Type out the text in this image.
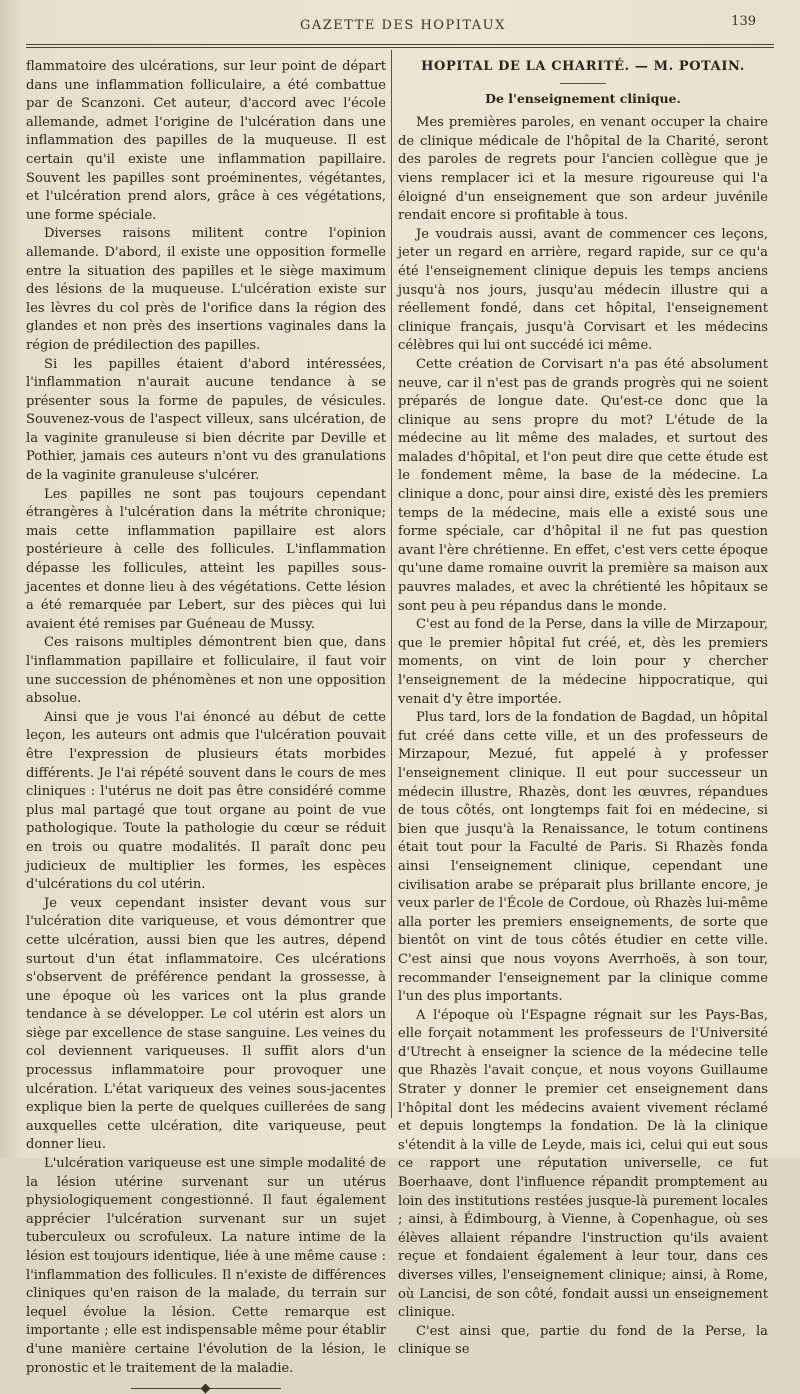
GAZETTE DES HOPITAUX	139

flammatoire des ulcérations, sur leur point de départ dans une inflammation folliculaire, a été combattue par de Scanzoni. Cet auteur, d'accord avec l'école allemande, admet l'origine de l'ulcération dans une inflammation des papilles de la muqueuse. Il est certain qu'il existe une inflammation papillaire. Souvent les papilles sont proéminentes, végétantes, et l'ulcération prend alors, grâce à ces végétations, une forme spéciale.

Diverses raisons militent contre l'opinion allemande. D'abord, il existe une opposition formelle entre la situation des papilles et le siège maximum des lésions de la muqueuse. L'ulcération existe sur les lèvres du col près de l'orifice dans la région des glandes et non près des insertions vaginales dans la région de prédilection des papilles.

Si les papilles étaient d'abord intéressées, l'inflammation n'aurait aucune tendance à se présenter sous la forme de papules, de vésicules. Souvenez-vous de l'aspect villeux, sans ulcération, de la vaginite granuleuse si bien décrite par Deville et Pothier, jamais ces auteurs n'ont vu des granulations de la vaginite granuleuse s'ulcérer.

Les papilles ne sont pas toujours cependant étrangères à l'ulcération dans la métrite chronique; mais cette inflammation papillaire est alors postérieure à celle des follicules. L'inflammation dépasse les follicules, atteint les papilles sous-jacentes et donne lieu à des végétations. Cette lésion a été remarquée par Lebert, sur des pièces qui lui avaient été remises par Guéneau de Mussy.

Ces raisons multiples démontrent bien que, dans l'inflammation papillaire et folliculaire, il faut voir une succession de phénomènes et non une opposition absolue.

Ainsi que je vous l'ai énoncé au début de cette leçon, les auteurs ont admis que l'ulcération pouvait être l'expression de plusieurs états morbides différents. Je l'ai répété souvent dans le cours de mes cliniques : l'utérus ne doit pas être considéré comme plus mal partagé que tout organe au point de vue pathologique. Toute la pathologie du cœur se réduit en trois ou quatre modalités. Il paraît donc peu judicieux de multiplier les formes, les espèces d'ulcérations du col utérin.

Je veux cependant insister devant vous sur l'ulcération dite variqueuse, et vous démontrer que cette ulcération, aussi bien que les autres, dépend surtout d'un état inflammatoire. Ces ulcérations s'observent de préférence pendant la grossesse, à une époque où les varices ont la plus grande tendance à se développer. Le col utérin est alors un siège par excellence de stase sanguine. Les veines du col deviennent variqueuses. Il suffit alors d'un processus inflammatoire pour provoquer une ulcération. L'état variqueux des veines sous-jacentes explique bien la perte de quelques cuillerées de sang auxquelles cette ulcération, dite variqueuse, peut donner lieu.

L'ulcération variqueuse est une simple modalité de la lésion utérine survenant sur un utérus physiologiquement congestionné. Il faut également apprécier l'ulcération survenant sur un sujet tuberculeux ou scrofuleux. La nature intime de la lésion est toujours identique, liée à une même cause : l'inflammation des follicules. Il n'existe de différences cliniques qu'en raison de la malade, du terrain sur lequel évolue la lésion. Cette remarque est importante ; elle est indispensable même pour établir d'une manière certaine l'évolution de la lésion, le pronostic et le traitement de la maladie.

HOPITAL DE LA CHARITÉ. — M. POTAIN.
De l'enseignement clinique.

Mes premières paroles, en venant occuper la chaire de clinique médicale de l'hôpital de la Charité, seront des paroles de regrets pour l'ancien collègue que je viens remplacer ici et la mesure rigoureuse qui l'a éloigné d'un enseignement que son ardeur juvénile rendait encore si profitable à tous.

Je voudrais aussi, avant de commencer ces leçons, jeter un regard en arrière, regard rapide, sur ce qu'a été l'enseignement clinique depuis les temps anciens jusqu'à nos jours, jusqu'au médecin illustre qui a réellement fondé, dans cet hôpital, l'enseignement clinique français, jusqu'à Corvisart et les médecins célèbres qui lui ont succédé ici même.

Cette création de Corvisart n'a pas été absolument neuve, car il n'est pas de grands progrès qui ne soient préparés de longue date. Qu'est-ce donc que la clinique au sens propre du mot? L'étude de la médecine au lit même des malades, et surtout des malades d'hôpital, et l'on peut dire que cette étude est le fondement même, la base de la médecine. La clinique a donc, pour ainsi dire, existé dès les premiers temps de la médecine, mais elle a existé sous une forme spéciale, car d'hôpital il ne fut pas question avant l'ère chrétienne. En effet, c'est vers cette époque qu'une dame romaine ouvrit la première sa maison aux pauvres malades, et avec la chrétienté les hôpitaux se sont peu à peu répandus dans le monde.

C'est au fond de la Perse, dans la ville de Mirzapour, que le premier hôpital fut créé, et, dès les premiers moments, on vint de loin pour y chercher l'enseignement de la médecine hippocratique, qui venait d'y être importée.

Plus tard, lors de la fondation de Bagdad, un hôpital fut créé dans cette ville, et un des professeurs de Mirzapour, Mezué, fut appelé à y professer l'enseignement clinique. Il eut pour successeur un médecin illustre, Rhazès, dont les œuvres, répandues de tous côtés, ont longtemps fait foi en médecine, si bien que jusqu'à la Renaissance, le totum continens était tout pour la Faculté de Paris. Si Rhazès fonda ainsi l'enseignement clinique, cependant une civilisation arabe se préparait plus brillante encore, je veux parler de l'École de Cordoue, où Rhazès lui-même alla porter les premiers enseignements, de sorte que bientôt on vint de tous côtés étudier en cette ville. C'est ainsi que nous voyons Averrhoës, à son tour, recommander l'enseignement par la clinique comme l'un des plus importants.

A l'époque où l'Espagne régnait sur les Pays-Bas, elle forçait notamment les professeurs de l'Université d'Utrecht à enseigner la science de la médecine telle que Rhazès l'avait conçue, et nous voyons Guillaume Strater y donner le premier cet enseignement dans l'hôpital dont les médecins avaient vivement réclamé et depuis longtemps la fondation. De là la clinique s'étendit à la ville de Leyde, mais ici, celui qui eut sous ce rapport une réputation universelle, ce fut Boerhaave, dont l'influence répandit promptement au loin des institutions restées jusque-là purement locales ; ainsi, à Édimbourg, à Vienne, à Copenhague, où ses élèves allaient répandre l'instruction qu'ils avaient reçue et fondaient également à leur tour, dans ces diverses villes, l'enseignement clinique; ainsi, à Rome, où Lancisi, de son côté, fondait aussi un enseignement clinique.

C'est ainsi que, partie du fond de la Perse, la clinique se
